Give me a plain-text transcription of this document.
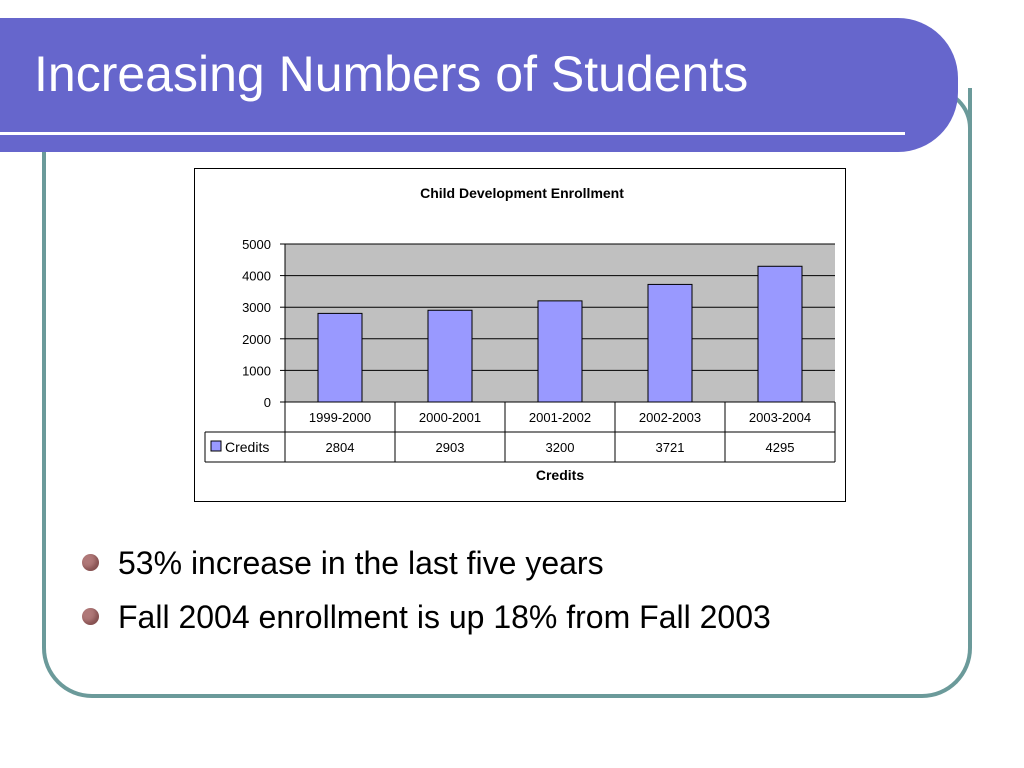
Increasing Numbers of Students
Child Development Enrollment
Credits
0
1000
2000
3000
4000
5000
1999-2000
2804
2000-2001
2903
2001-2002
3200
2002-2003
3721
2003-2004
4295
Credits
53% increase in the last five years
Fall 2004 enrollment is up 18% from Fall 2003
